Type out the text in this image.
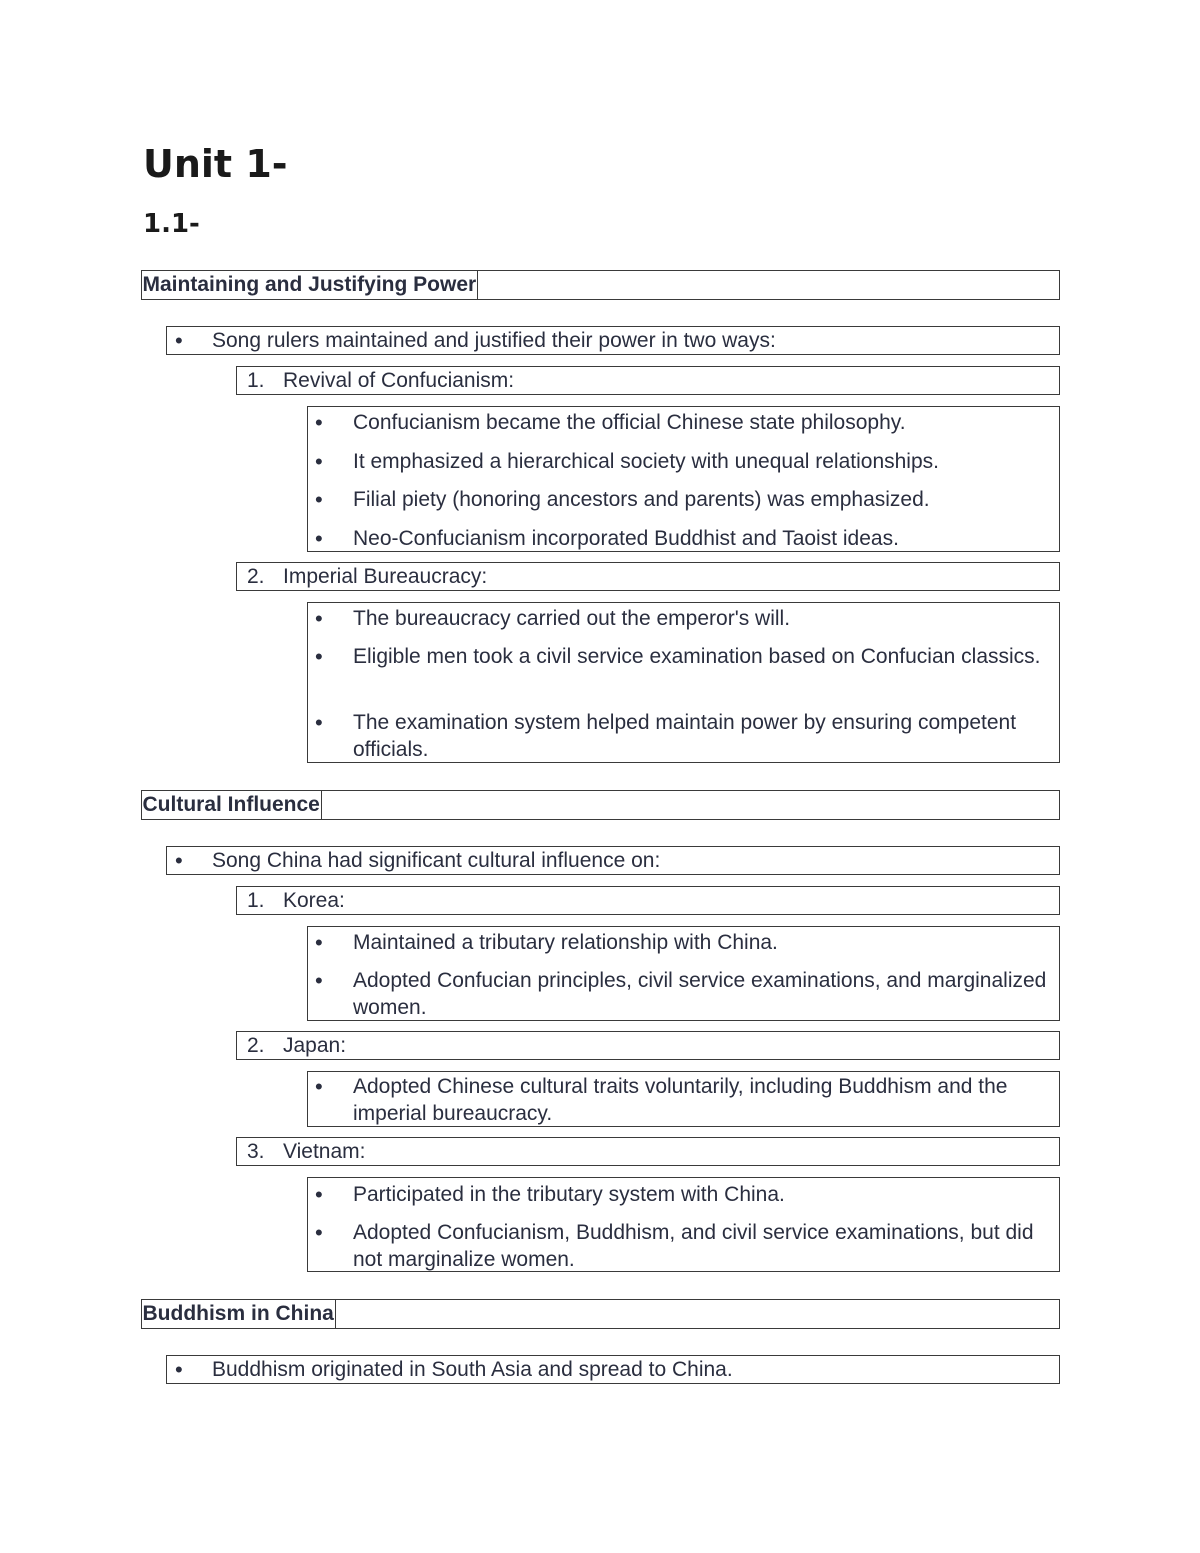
Unit 1-
1.1-
Maintaining and Justifying Power
• Song rulers maintained and justified their power in two ways:
1. Revival of Confucianism:
• Confucianism became the official Chinese state philosophy.
• It emphasized a hierarchical society with unequal relationships.
• Filial piety (honoring ancestors and parents) was emphasized.
• Neo-Confucianism incorporated Buddhist and Taoist ideas.
2. Imperial Bureaucracy:
• The bureaucracy carried out the emperor's will.
• Eligible men took a civil service examination based on Confucian classics.
• The examination system helped maintain power by ensuring competent officials.
Cultural Influence
• Song China had significant cultural influence on:
1. Korea:
• Maintained a tributary relationship with China.
• Adopted Confucian principles, civil service examinations, and marginalized women.
2. Japan:
• Adopted Chinese cultural traits voluntarily, including Buddhism and the imperial bureaucracy.
3. Vietnam:
• Participated in the tributary system with China.
• Adopted Confucianism, Buddhism, and civil service examinations, but did not marginalize women.
Buddhism in China
• Buddhism originated in South Asia and spread to China.
